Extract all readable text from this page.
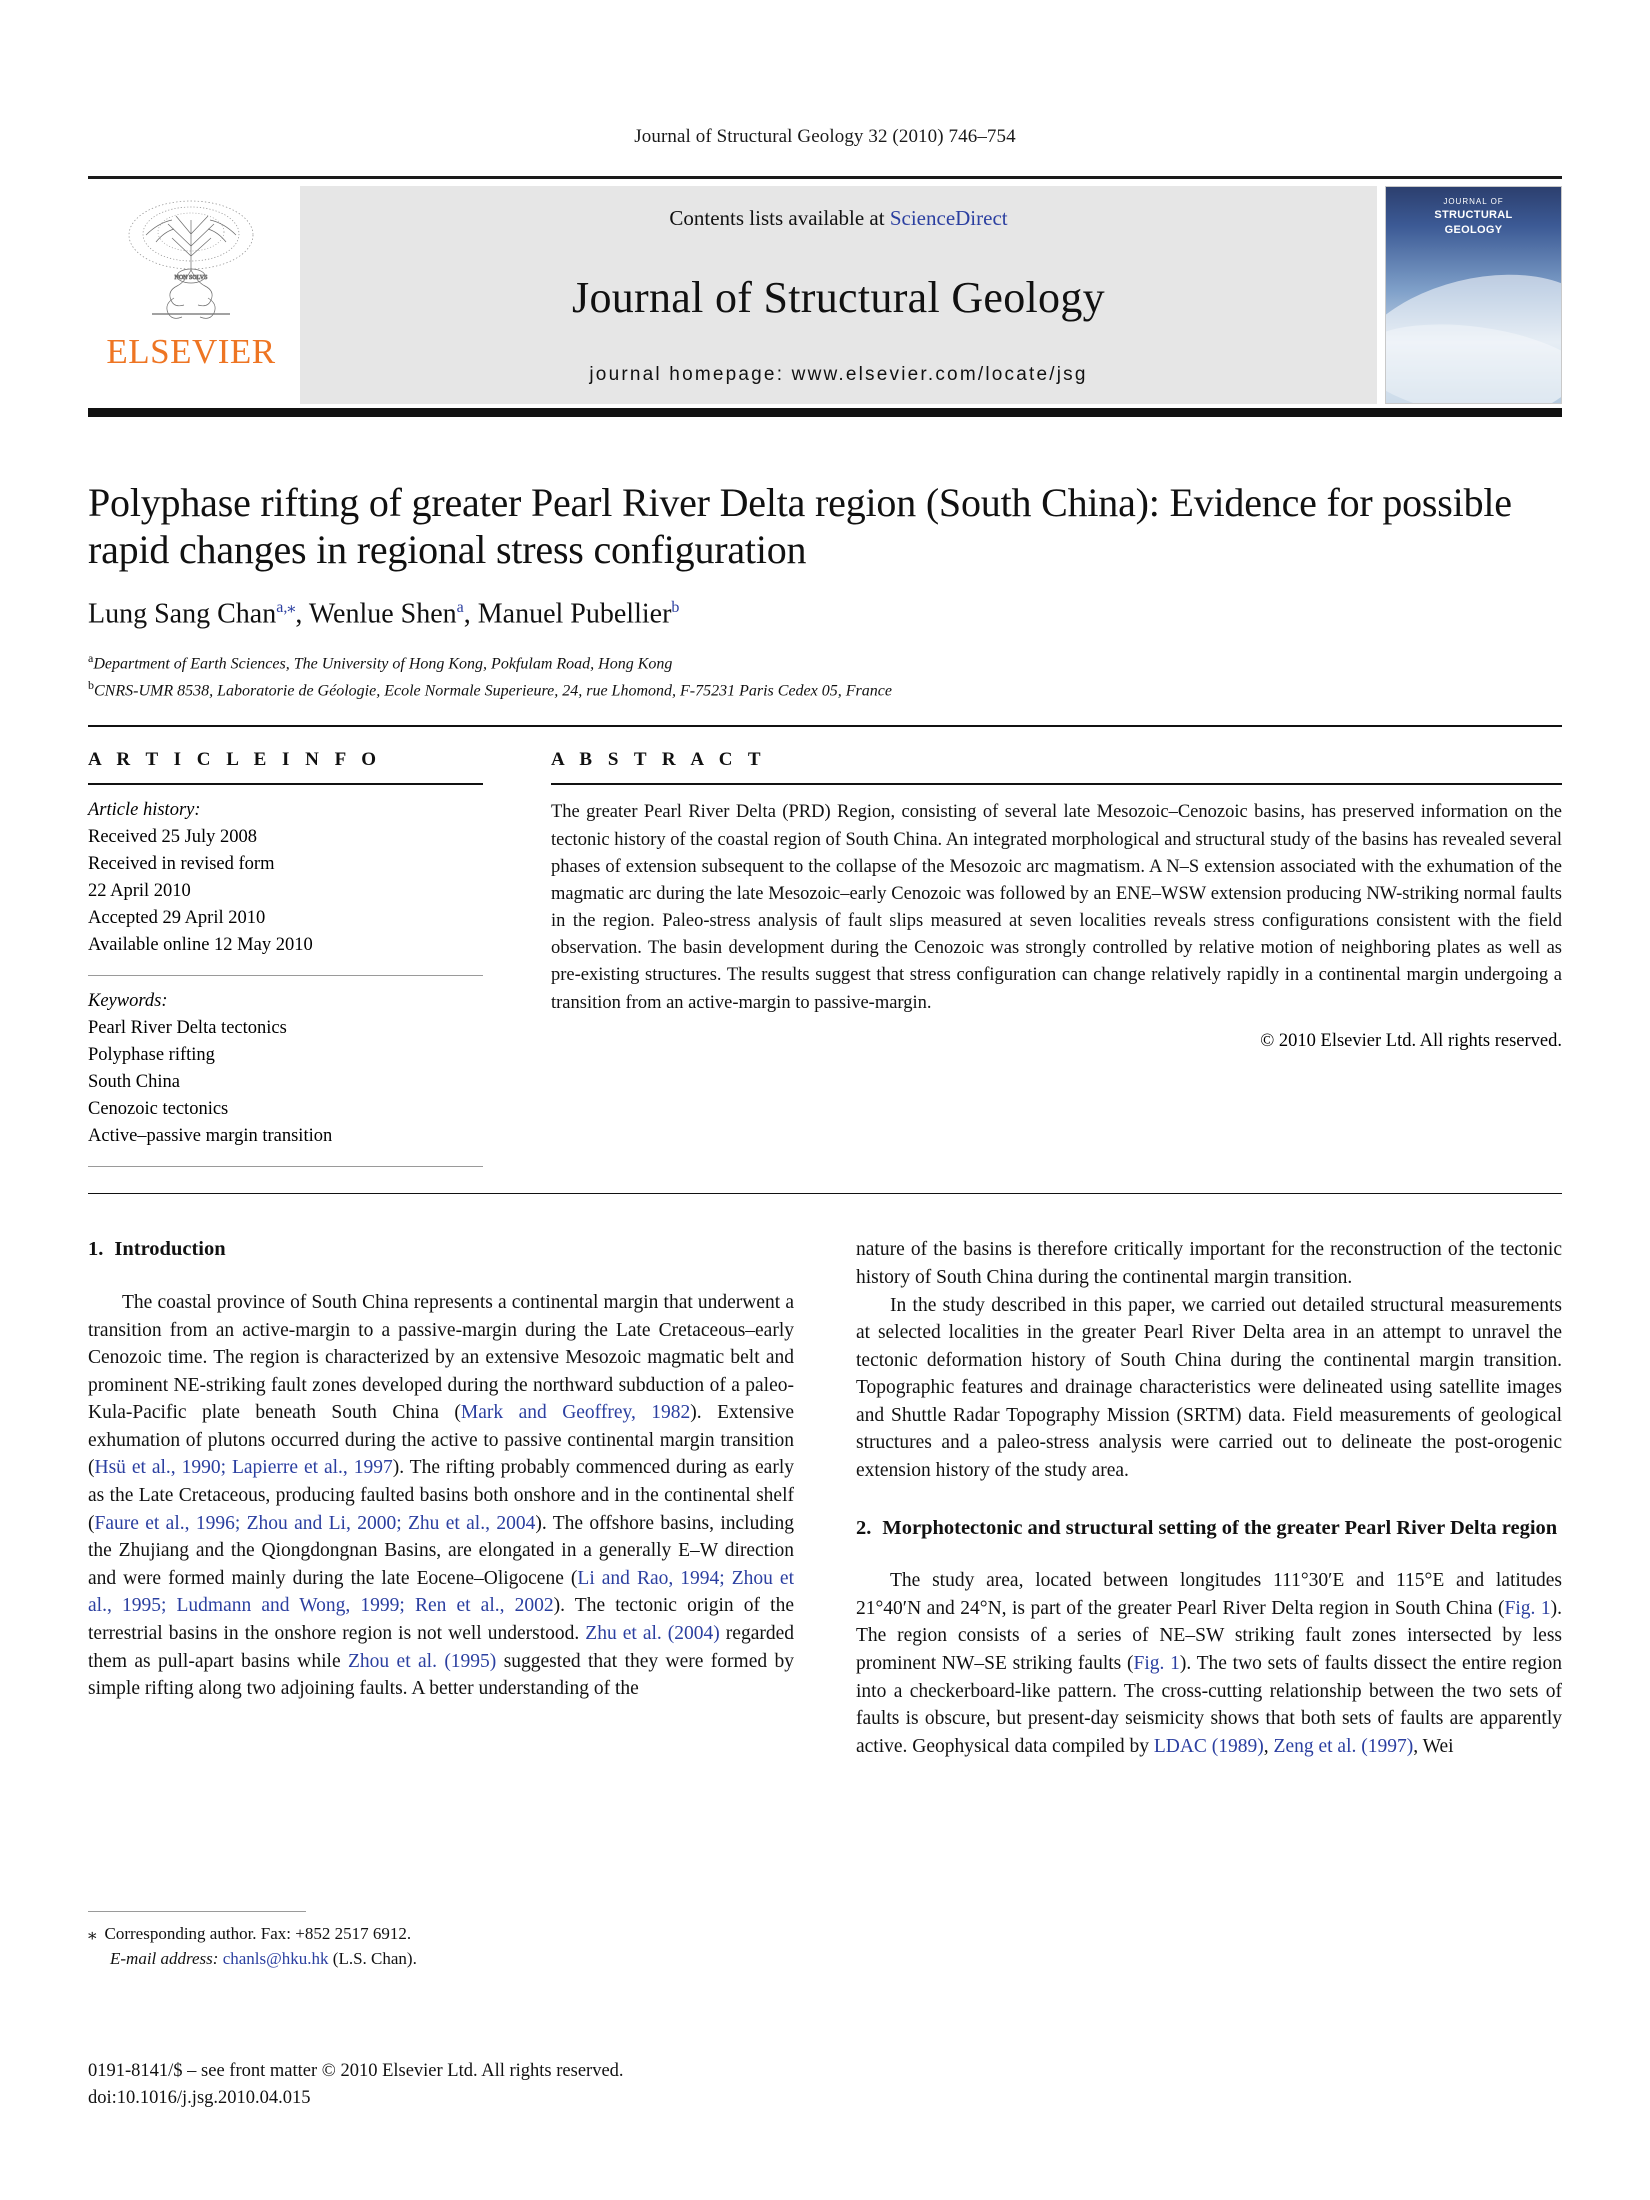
Journal of Structural Geology 32 (2010) 746–754
NON SOLVS
ELSEVIER
Contents lists available at ScienceDirect
Journal of Structural Geology
journal homepage: www.elsevier.com/locate/jsg
JOURNAL OF
STRUCTURAL
GEOLOGY
Polyphase rifting of greater Pearl River Delta region (South China): Evidence for possible rapid changes in regional stress configuration
Lung Sang Chan$^{a,⁎}$, Wenlue Shen$^a$, Manuel Pubellier$^b$
$^a$Department of Earth Sciences, The University of Hong Kong, Pokfulam Road, Hong Kong
$^b$CNRS-UMR 8538, Laboratorie de Géologie, Ecole Normale Superieure, 24, rue Lhomond, F-75231 Paris Cedex 05, France
A R T I C L E I N F O
Article history:
Received 25 July 2008
Received in revised form
22 April 2010
Accepted 29 April 2010
Available online 12 May 2010
Keywords:
Pearl River Delta tectonics
Polyphase rifting
South China
Cenozoic tectonics
Active–passive margin transition
A B S T R A C T
The greater Pearl River Delta (PRD) Region, consisting of several late Mesozoic–Cenozoic basins, has preserved information on the tectonic history of the coastal region of South China. An integrated morphological and structural study of the basins has revealed several phases of extension subsequent to the collapse of the Mesozoic arc magmatism. A N–S extension associated with the exhumation of the magmatic arc during the late Mesozoic–early Cenozoic was followed by an ENE–WSW extension producing NW-striking normal faults in the region. Paleo-stress analysis of fault slips measured at seven localities reveals stress configurations consistent with the field observation. The basin development during the Cenozoic was strongly controlled by relative motion of neighboring plates as well as pre-existing structures. The results suggest that stress configuration can change relatively rapidly in a continental margin undergoing a transition from an active-margin to passive-margin.
© 2010 Elsevier Ltd. All rights reserved.
1. Introduction

The coastal province of South China represents a continental margin that underwent a transition from an active-margin to a passive-margin during the Late Cretaceous–early Cenozoic time. The region is characterized by an extensive Mesozoic magmatic belt and prominent NE-striking fault zones developed during the northward subduction of a paleo-Kula-Pacific plate beneath South China (Mark and Geoffrey, 1982). Extensive exhumation of plutons occurred during the active to passive continental margin transition (Hsü et al., 1990; Lapierre et al., 1997). The rifting probably commenced during as early as the Late Cretaceous, producing faulted basins both onshore and in the continental shelf (Faure et al., 1996; Zhou and Li, 2000; Zhu et al., 2004). The offshore basins, including the Zhujiang and the Qiongdongnan Basins, are elongated in a generally E–W direction and were formed mainly during the late Eocene–Oligocene (Li and Rao, 1994; Zhou et al., 1995; Ludmann and Wong, 1999; Ren et al., 2002). The tectonic origin of the terrestrial basins in the onshore region is not well understood. Zhu et al. (2004) regarded them as pull-apart basins while Zhou et al. (1995) suggested that they were formed by simple rifting along two adjoining faults. A better understanding of the

⁎ Corresponding author. Fax: +852 2517 6912.
E-mail address: chanls@hku.hk (L.S. Chan).

nature of the basins is therefore critically important for the reconstruction of the tectonic history of South China during the continental margin transition.

In the study described in this paper, we carried out detailed structural measurements at selected localities in the greater Pearl River Delta area in an attempt to unravel the tectonic deformation history of South China during the continental margin transition. Topographic features and drainage characteristics were delineated using satellite images and Shuttle Radar Topography Mission (SRTM) data. Field measurements of geological structures and a paleo-stress analysis were carried out to delineate the post-orogenic extension history of the study area.

2. Morphotectonic and structural setting of the greater Pearl River Delta region

The study area, located between longitudes 111°30′E and 115°E and latitudes 21°40′N and 24°N, is part of the greater Pearl River Delta region in South China (Fig. 1). The region consists of a series of NE–SW striking fault zones intersected by less prominent NW–SE striking faults (Fig. 1). The two sets of faults dissect the entire region into a checkerboard-like pattern. The cross-cutting relationship between the two sets of faults is obscure, but present-day seismicity shows that both sets of faults are apparently active. Geophysical data compiled by LDAC (1989), Zeng et al. (1997), Wei

0191-8141/$ – see front matter © 2010 Elsevier Ltd. All rights reserved.
doi:10.1016/j.jsg.2010.04.015
